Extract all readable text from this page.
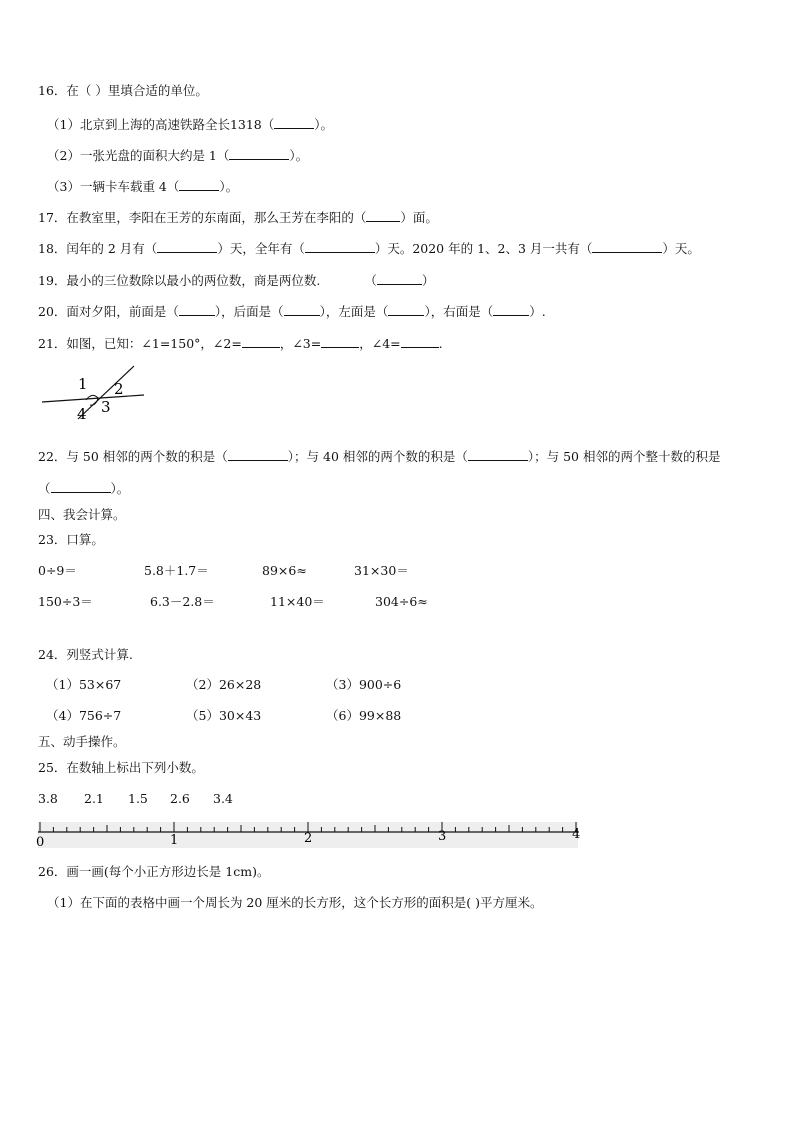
16．在（ ）里填合适的单位。
（1）北京到上海的高速铁路全长1318（	）。
（2）一张光盘的面积大约是 1（	）。
（3）一辆卡车载重 4（	）。
17．在教室里，李阳在王芳的东南面，那么王芳在李阳的（	）面。
18．闰年的 2 月有（	）天，全年有（	）天。2020 年的 1、2、3 月一共有（	）天。
19．最小的三位数除以最小的两位数，商是两位数.	（	）
20．面对夕阳，前面是（	），后面是（	），左面是（	），右面是（	）.
21．如图，已知：∠1=150°，∠2=	，∠3=	，∠4=	.
1 2
3
4
22．与 50 相邻的两个数的积是（	）；与 40 相邻的两个数的积是（	）；与 50 相邻的两个整十数的积是
（	）。
四、我会计算。
23．口算。
0÷9＝	5.8＋1.7＝	89×6≈	31×30＝
150÷3＝	6.3－2.8＝	11×40＝	304÷6≈
24．列竖式计算.
（1）53×67	（2）26×28	（3）900÷6
（4）756÷7	（5）30×43	（6）99×88
五、动手操作。
25．在数轴上标出下列小数。
3.8 2.1 1.5 2.6 3.4
0	1	2	3	4
26．画一画(每个小正方形边长是 1cm)。
（1）在下面的表格中画一个周长为 20 厘米的长方形，这个长方形的面积是( )平方厘米。
